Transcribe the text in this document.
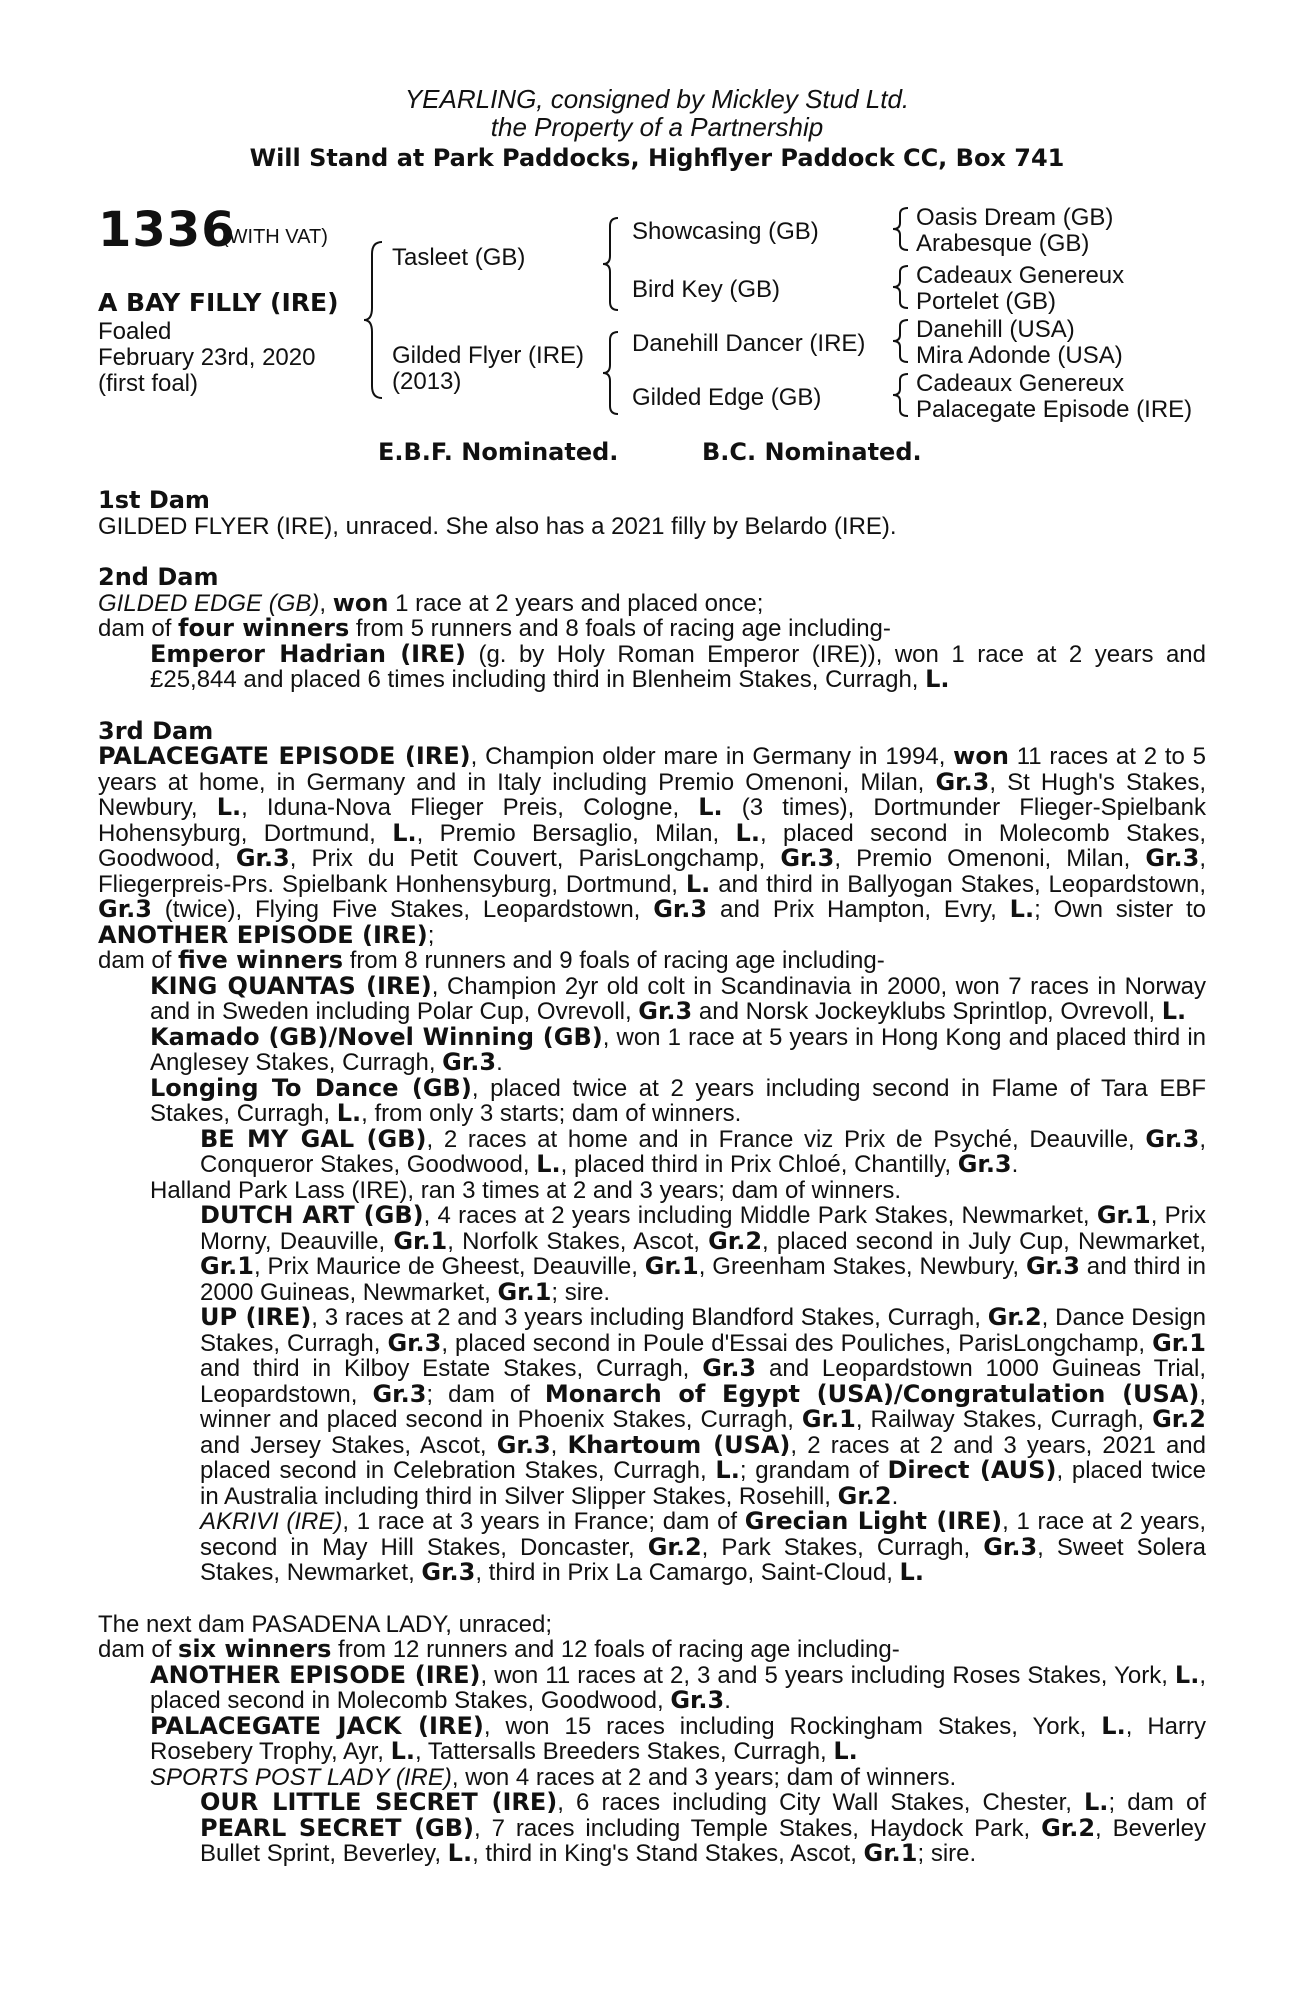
YEARLING, consigned by Mickley Stud Ltd.
the Property of a Partnership
Will Stand at Park Paddocks, Highflyer Paddock CC, Box 741
1336
(WITH VAT)
A BAY FILLY (IRE)
Foaled
February 23rd, 2020
(first foal)
Tasleet (GB)
Gilded Flyer (IRE)
(2013)
Showcasing (GB)
Bird Key (GB)
Danehill Dancer (IRE)
Gilded Edge (GB)
Oasis Dream (GB)
Arabesque (GB)
Cadeaux Genereux
Portelet (GB)
Danehill (USA)
Mira Adonde (USA)
Cadeaux Genereux
Palacegate Episode (IRE)
E.B.F. Nominated.	B.C. Nominated.
1st Dam
GILDED FLYER (IRE), unraced. She also has a 2021 filly by Belardo (IRE).
2nd Dam
GILDED EDGE (GB), won 1 race at 2 years and placed once;
dam of four winners from 5 runners and 8 foals of racing age including-
Emperor Hadrian (IRE) (g. by Holy Roman Emperor (IRE)), won 1 race at 2 years and £25,844 and placed 6 times including third in Blenheim Stakes, Curragh, L.
3rd Dam
PALACEGATE EPISODE (IRE), Champion older mare in Germany in 1994, won 11 races at 2 to 5 years at home, in Germany and in Italy including Premio Omenoni, Milan, Gr.3, St Hugh's Stakes, Newbury, L., Iduna-Nova Flieger Preis, Cologne, L. (3 times), Dortmunder Flieger-Spielbank Hohensyburg, Dortmund, L., Premio Bersaglio, Milan, L., placed second in Molecomb Stakes, Goodwood, Gr.3, Prix du Petit Couvert, ParisLongchamp, Gr.3, Premio Omenoni, Milan, Gr.3, Fliegerpreis-Prs. Spielbank Honhensyburg, Dortmund, L. and third in Ballyogan Stakes, Leopardstown, Gr.3 (twice), Flying Five Stakes, Leopardstown, Gr.3 and Prix Hampton, Evry, L.; Own sister to ANOTHER EPISODE (IRE);
dam of five winners from 8 runners and 9 foals of racing age including-
KING QUANTAS (IRE), Champion 2yr old colt in Scandinavia in 2000, won 7 races in Norway and in Sweden including Polar Cup, Ovrevoll, Gr.3 and Norsk Jockeyklubs Sprintlop, Ovrevoll, L.
Kamado (GB)/Novel Winning (GB), won 1 race at 5 years in Hong Kong and placed third in Anglesey Stakes, Curragh, Gr.3.
Longing To Dance (GB), placed twice at 2 years including second in Flame of Tara EBF Stakes, Curragh, L., from only 3 starts; dam of winners.
BE MY GAL (GB), 2 races at home and in France viz Prix de Psyché, Deauville, Gr.3, Conqueror Stakes, Goodwood, L., placed third in Prix Chloé, Chantilly, Gr.3.
Halland Park Lass (IRE), ran 3 times at 2 and 3 years; dam of winners.
DUTCH ART (GB), 4 races at 2 years including Middle Park Stakes, Newmarket, Gr.1, Prix Morny, Deauville, Gr.1, Norfolk Stakes, Ascot, Gr.2, placed second in July Cup, Newmarket, Gr.1, Prix Maurice de Gheest, Deauville, Gr.1, Greenham Stakes, Newbury, Gr.3 and third in 2000 Guineas, Newmarket, Gr.1; sire.
UP (IRE), 3 races at 2 and 3 years including Blandford Stakes, Curragh, Gr.2, Dance Design Stakes, Curragh, Gr.3, placed second in Poule d'Essai des Pouliches, ParisLongchamp, Gr.1 and third in Kilboy Estate Stakes, Curragh, Gr.3 and Leopardstown 1000 Guineas Trial, Leopardstown, Gr.3; dam of Monarch of Egypt (USA)/Congratulation (USA), winner and placed second in Phoenix Stakes, Curragh, Gr.1, Railway Stakes, Curragh, Gr.2 and Jersey Stakes, Ascot, Gr.3, Khartoum (USA), 2 races at 2 and 3 years, 2021 and placed second in Celebration Stakes, Curragh, L.; grandam of Direct (AUS), placed twice in Australia including third in Silver Slipper Stakes, Rosehill, Gr.2.
AKRIVI (IRE), 1 race at 3 years in France; dam of Grecian Light (IRE), 1 race at 2 years, second in May Hill Stakes, Doncaster, Gr.2, Park Stakes, Curragh, Gr.3, Sweet Solera Stakes, Newmarket, Gr.3, third in Prix La Camargo, Saint-Cloud, L.
The next dam PASADENA LADY, unraced;
dam of six winners from 12 runners and 12 foals of racing age including-
ANOTHER EPISODE (IRE), won 11 races at 2, 3 and 5 years including Roses Stakes, York, L., placed second in Molecomb Stakes, Goodwood, Gr.3.
PALACEGATE JACK (IRE), won 15 races including Rockingham Stakes, York, L., Harry Rosebery Trophy, Ayr, L., Tattersalls Breeders Stakes, Curragh, L.
SPORTS POST LADY (IRE), won 4 races at 2 and 3 years; dam of winners.
OUR LITTLE SECRET (IRE), 6 races including City Wall Stakes, Chester, L.; dam of PEARL SECRET (GB), 7 races including Temple Stakes, Haydock Park, Gr.2, Beverley Bullet Sprint, Beverley, L., third in King's Stand Stakes, Ascot, Gr.1; sire.
